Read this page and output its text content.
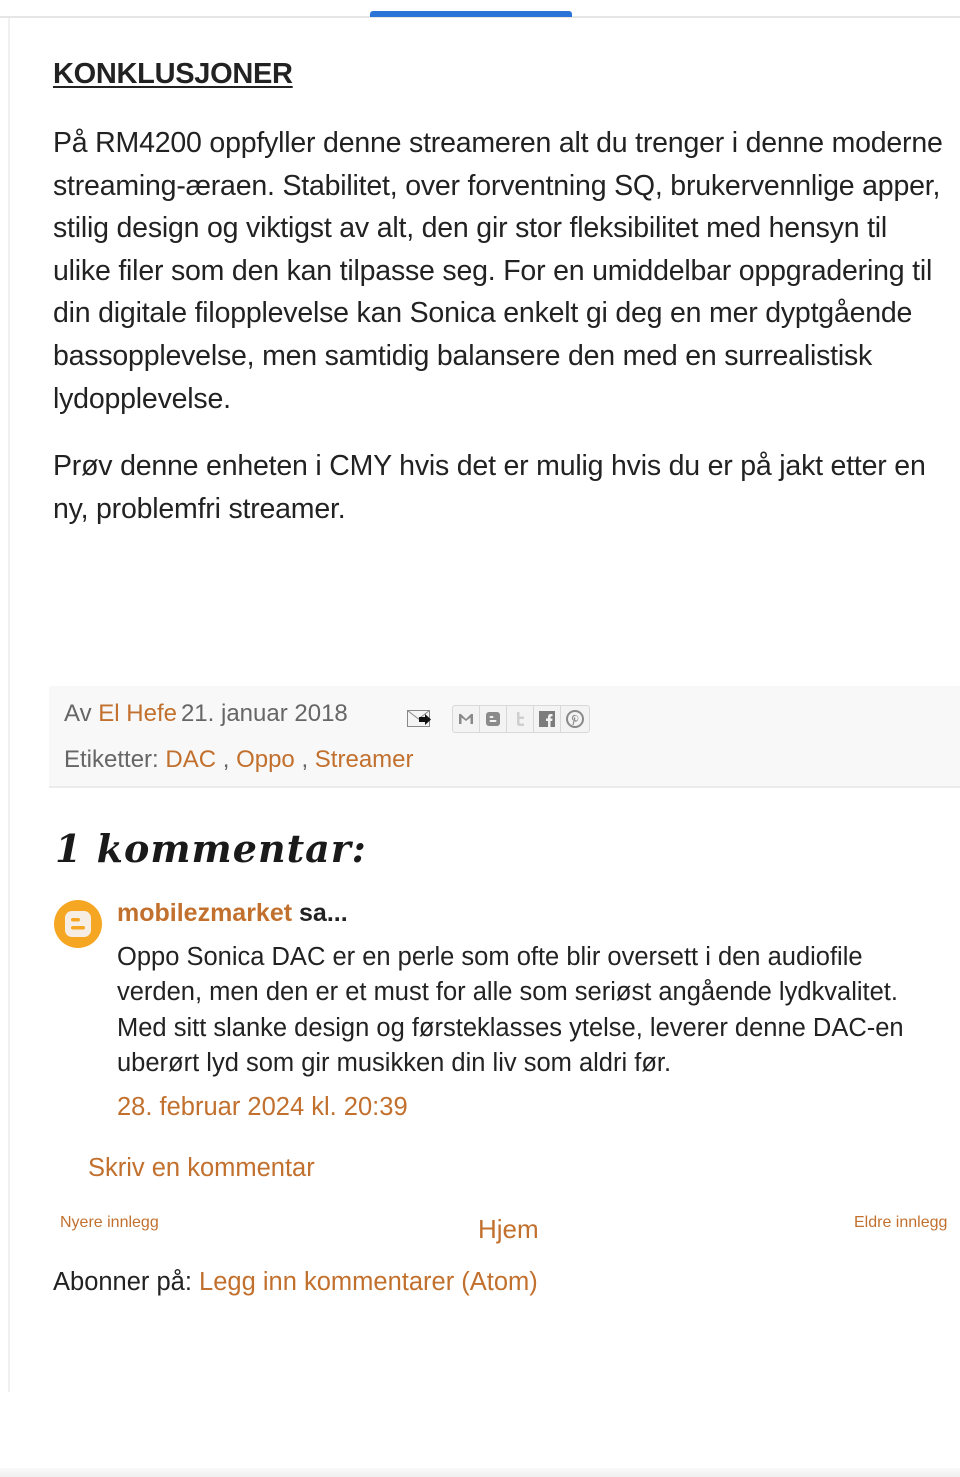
KONKLUSJONER

På RM4200 oppfyller denne streameren alt du trenger i denne moderne streaming-æraen. Stabilitet, over forventning SQ, brukervennlige apper, stilig design og viktigst av alt, den gir stor fleksibilitet med hensyn til ulike filer som den kan tilpasse seg. For en umiddelbar oppgradering til din digitale filopplevelse kan Sonica enkelt gi deg en mer dyptgående bassopplevelse, men samtidig balansere den med en surrealistisk lydopplevelse.

Prøv denne enheten i CMY hvis det er mulig hvis du er på jakt etter en ny, problemfri streamer.

Av El Hefe 21. januar 2018
Etiketter: DAC , Oppo , Streamer
1 kommentar:
mobilezmarket sa...
Oppo Sonica DAC er en perle som ofte blir oversett i den audiofile verden, men den er et must for alle som seriøst angående lydkvalitet. Med sitt slanke design og førsteklasses ytelse, leverer denne DAC-en uberørt lyd som gir musikken din liv som aldri før.
28. februar 2024 kl. 20:39
Skriv en kommentar
Nyere innlegg	Hjem	Eldre innlegg
Abonner på: Legg inn kommentarer (Atom)
